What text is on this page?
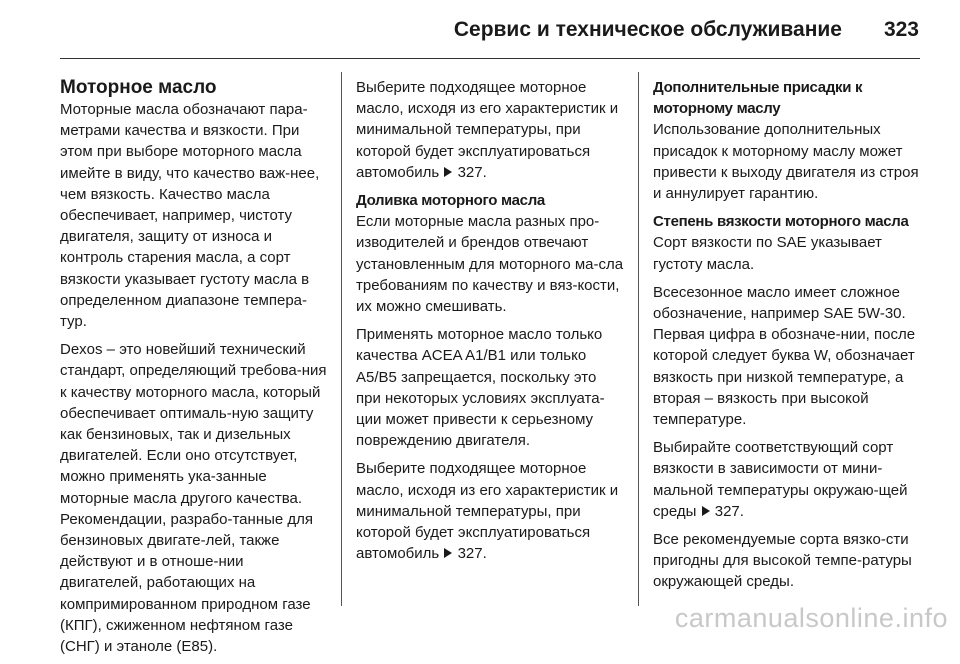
Сервис и техническое обслуживание 323
Моторное масло

Моторные масла обозначают пара-метрами качества и вязкости. При этом при выборе моторного масла имейте в виду, что качество важ-нее, чем вязкость. Качество масла обеспечивает, например, чистоту двигателя, защиту от износа и контроль старения масла, а сорт вязкости указывает густоту масла в определенном диапазоне темпера-тур.

Dexos – это новейший технический стандарт, определяющий требова-ния к качеству моторного масла, который обеспечивает оптималь-ную защиту как бензиновых, так и дизельных двигателей. Если оно отсутствует, можно применять ука-занные моторные масла другого качества. Рекомендации, разрабо-танные для бензиновых двигате-лей, также действуют и в отноше-нии двигателей, работающих на компримированном природном газе (КПГ), сжиженном нефтяном газе (СНГ) и этаноле (E85).

Выберите подходящее моторное масло, исходя из его характеристик и минимальной температуры, при которой будет эксплуатироваться автомобиль 327.

Доливка моторного масла

Если моторные масла разных про-изводителей и брендов отвечают установленным для моторного ма-сла требованиям по качеству и вяз-кости, их можно смешивать.

Применять моторное масло только качества ACEA A1/B1 или только A5/B5 запрещается, поскольку это при некоторых условиях эксплуата-ции может привести к серьезному повреждению двигателя.

Выберите подходящее моторное масло, исходя из его характеристик и минимальной температуры, при которой будет эксплуатироваться автомобиль 327.

Дополнительные присадки к моторному маслу

Использование дополнительных присадок к моторному маслу может привести к выходу двигателя из строя и аннулирует гарантию.

Степень вязкости моторного масла

Сорт вязкости по SAE указывает густоту масла.

Всесезонное масло имеет сложное обозначение, например SAE 5W-30. Первая цифра в обозначе-нии, после которой следует буква W, обозначает вязкость при низкой температуре, а вторая – вязкость при высокой температуре.

Выбирайте соответствующий сорт вязкости в зависимости от мини-мальной температуры окружаю-щей среды 327.

Все рекомендуемые сорта вязко-сти пригодны для высокой темпе-ратуры окружающей среды.

carmanualsonline.info
